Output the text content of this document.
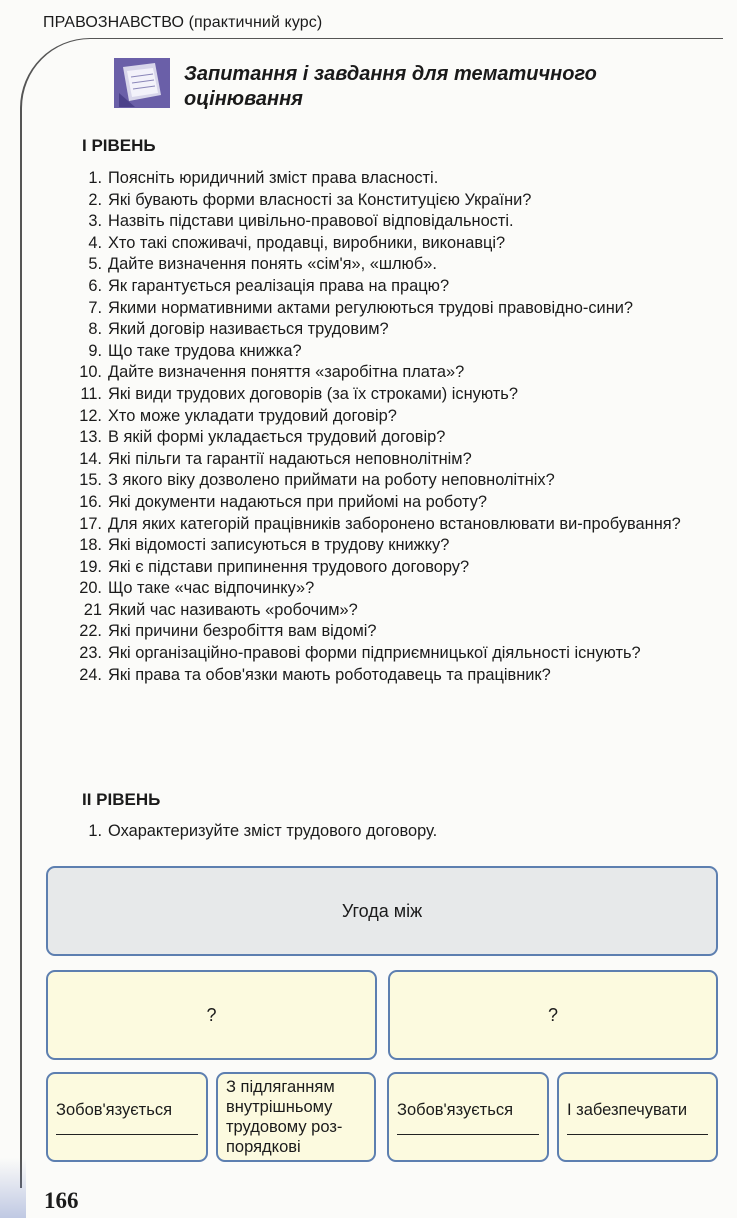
ПРАВОЗНАВСТВО (практичний курс)
Запитання і завдання для тематичного оцінювання
І РІВЕНЬ
1. Поясніть юридичний зміст права власності.
2. Які бувають форми власності за Конституцією України?
3. Назвіть підстави цивільно-правової відповідальності.
4. Хто такі споживачі, продавці, виробники, виконавці?
5. Дайте визначення понять «сім'я», «шлюб».
6. Як гарантується реалізація права на працю?
7. Якими нормативними актами регулюються трудові правовідно-сини?
8. Який договір називається трудовим?
9. Що таке трудова книжка?
10. Дайте визначення поняття «заробітна плата»?
11. Які види трудових договорів (за їх строками) існують?
12. Хто може укладати трудовий договір?
13. В якій формі укладається трудовий договір?
14. Які пільги та гарантії надаються неповнолітнім?
15. З якого віку дозволено приймати на роботу неповнолітніх?
16. Які документи надаються при прийомі на роботу?
17. Для яких категорій працівників заборонено встановлювати ви-пробування?
18. Які відомості записуються в трудову книжку?
19. Які є підстави припинення трудового договору?
20. Що таке «час відпочинку»?
21 Який час називають «робочим»?
22. Які причини безробіття вам відомі?
23. Які організаційно-правові форми підприємницької діяльності існують?
24. Які права та обов'язки мають роботодавець та працівник?
ІІ РІВЕНЬ
1. Охарактеризуйте зміст трудового договору.
Угода між
?	?
Зобов'язується
З підляганням внутрішньому трудовому роз-порядкові
Зобов'язується	І забезпечувати
166
